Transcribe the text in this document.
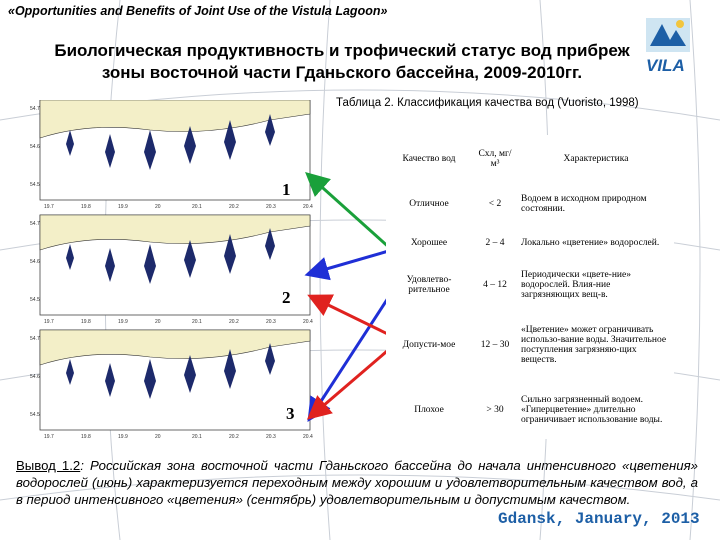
«Opportunities and Benefits of Joint Use of the Vistula Lagoon»
Биологическая продуктивность и трофический статус вод прибреж
зоны восточной части Гданьского бассейна, 2009-2010гг.	VILA
Таблица 2. Классификация качества вод (Vuoristo, 1998)
19.7	19.8	19.9	20	20.1	20.2	20.3	20.4
54.7
54.6
54.5
19.7	19.8	19.9	20	20.1	20.2	20.3	20.4
54.7
54.6
54.5
19.7	19.8	19.9	20	20.1	20.2	20.3	20.4
54.7
54.6
54.5
1
2
3
Качество вод	Схл, мг/м³	Характеристика
Отличное	< 2	Водоем в исходном природном состоянии.
Хорошее	2 – 4	Локально «цветение» водорослей.
Удовлетво-рительное	4 – 12	Периодически «цвете-ние» водорослей. Влия-ние загрязняющих вещ-в.
Допусти-мое	12 – 30	«Цветение» может ограничивать использо-вание воды. Значительное поступления загрязняю-щих веществ.
Плохое	> 30	Сильно загрязненный водоем. «Гиперцветение» длительно ограничивает использование воды.
Вывод 1.2: Российская зона восточной части Гданьского бассейна до начала интенсивного «цветения» водорослей (июнь) характеризуется переходным между хорошим и удовлетворительным качеством вод, а в период интенсивного «цветения» (сентябрь) удовлетворительным и допустимым качеством.
Gdansk, January, 2013
